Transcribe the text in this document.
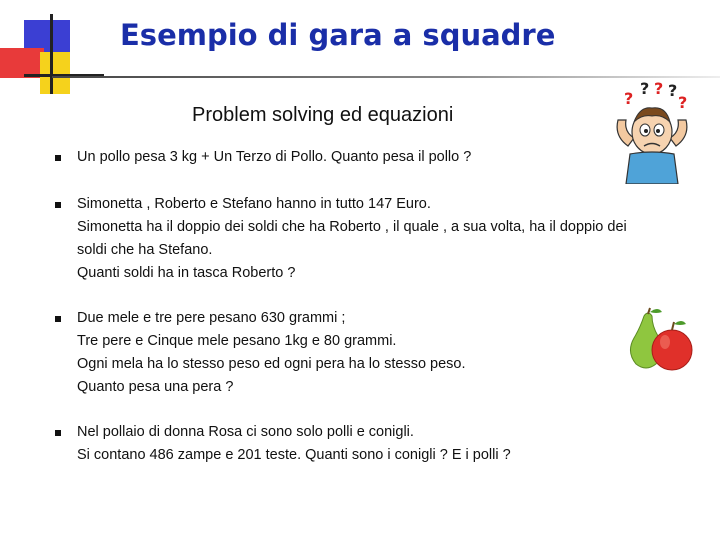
Esempio di gara a squadre
Problem solving ed equazioni
?
? ? ?
?
Un pollo pesa 3 kg + Un Terzo di Pollo. Quanto pesa il pollo ?
Simonetta , Roberto e Stefano hanno in tutto 147 Euro.
Simonetta ha il doppio dei soldi che ha Roberto , il quale , a sua volta, ha il doppio dei
soldi che ha Stefano.
Quanti soldi ha in tasca Roberto ?
Due mele e tre pere pesano 630 grammi ;
Tre pere e Cinque mele pesano 1kg e 80 grammi.
Ogni mela ha lo stesso peso ed ogni pera ha lo stesso peso.
Quanto pesa una pera ?
Nel pollaio di donna Rosa ci sono solo polli e conigli.
Si contano 486 zampe e 201 teste. Quanti sono i conigli ? E i polli ?
